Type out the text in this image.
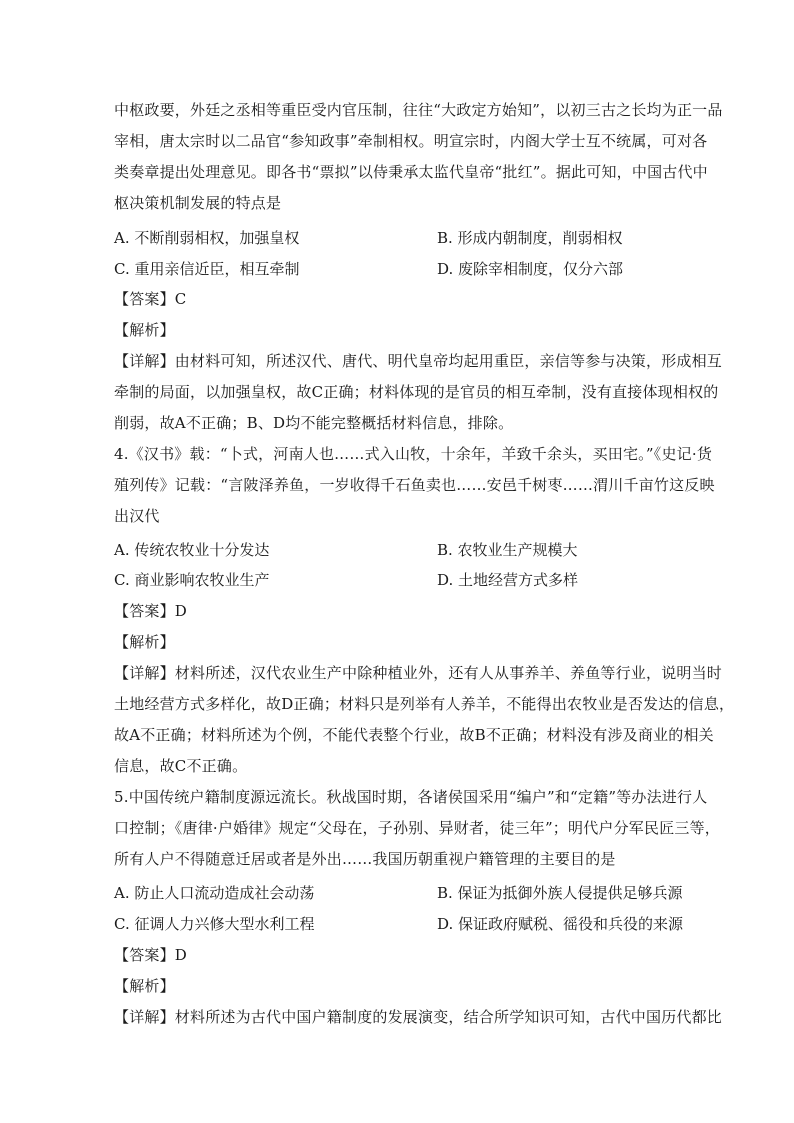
中枢政要，外廷之丞相等重臣受内官压制，往往“大政定方始知”，以初三古之长均为正一品
宰相，唐太宗时以二品官“参知政事”牵制相权。明宣宗时，内阁大学士互不统属，可对各
类奏章提出处理意见。即各书“票拟”以侍秉承太监代皇帝“批红”。据此可知，中国古代中
枢决策机制发展的特点是
A. 不断削弱相权，加强皇权	B. 形成内朝制度，削弱相权
C. 重用亲信近臣，相互牵制	D. 废除宰相制度，仅分六部
【答案】C
【解析】
【详解】由材料可知，所述汉代、唐代、明代皇帝均起用重臣，亲信等参与决策，形成相互
牵制的局面，以加强皇权，故C正确；材料体现的是官员的相互牵制，没有直接体现相权的
削弱，故A不正确；B、D均不能完整概括材料信息，排除。
4.《汉书》载：“卜式，河南人也……式入山牧，十余年，羊致千余头，买田宅。”《史记·货
殖列传》记载：“言陂泽养鱼，一岁收得千石鱼卖也……安邑千树枣……渭川千亩竹这反映
出汉代
A. 传统农牧业十分发达	B. 农牧业生产规模大
C. 商业影响农牧业生产	D. 土地经营方式多样
【答案】D
【解析】
【详解】材料所述，汉代农业生产中除种植业外，还有人从事养羊、养鱼等行业，说明当时
土地经营方式多样化，故D正确；材料只是列举有人养羊，不能得出农牧业是否发达的信息，
故A不正确；材料所述为个例，不能代表整个行业，故B不正确；材料没有涉及商业的相关
信息，故C不正确。
5.中国传统户籍制度源远流长。秋战国时期，各诸侯国采用“编户”和“定籍”等办法进行人
口控制；《唐律·户婚律》规定“父母在，子孙别、异财者，徒三年”；明代户分军民匠三等，
所有人户不得随意迁居或者是外出……我国历朝重视户籍管理的主要目的是
A. 防止人口流动造成社会动荡	B. 保证为抵御外族人侵提供足够兵源
C. 征调人力兴修大型水利工程	D. 保证政府赋税、徭役和兵役的来源
【答案】D
【解析】
【详解】材料所述为古代中国户籍制度的发展演变，结合所学知识可知，古代中国历代都比
